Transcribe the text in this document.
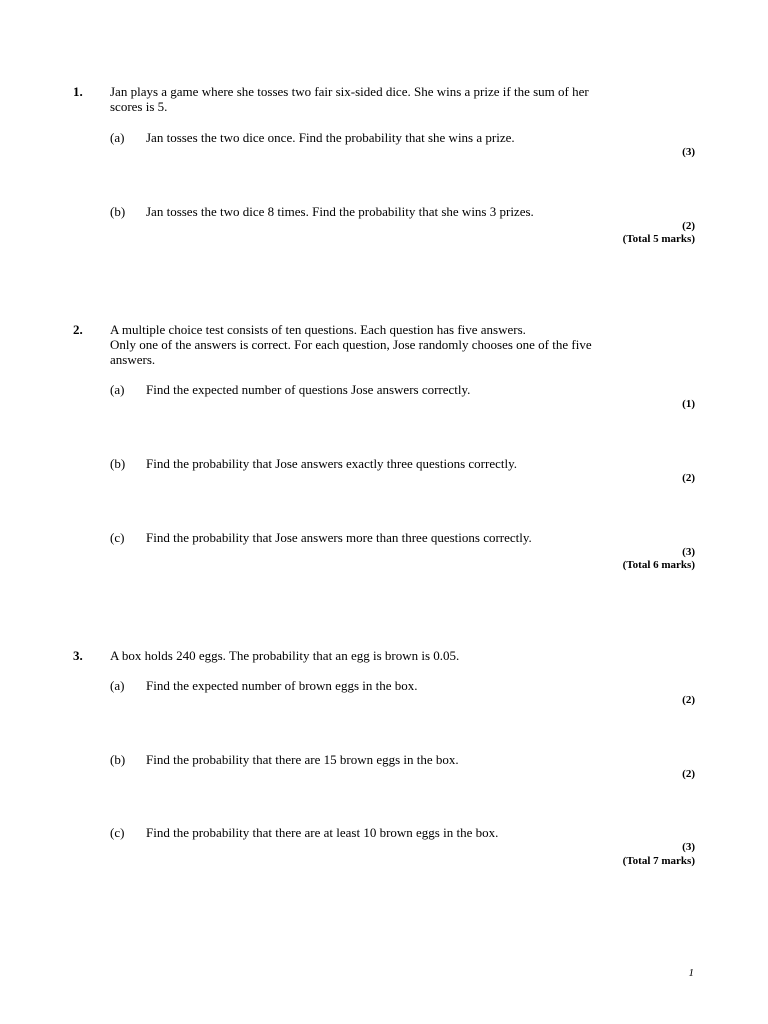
1. Jan plays a game where she tosses two fair six-sided dice. She wins a prize if the sum of her
scores is 5.
(a) Jan tosses the two dice once. Find the probability that she wins a prize.
(3)
(b) Jan tosses the two dice 8 times. Find the probability that she wins 3 prizes.
(2)
(Total 5 marks)
2. A multiple choice test consists of ten questions. Each question has five answers.
Only one of the answers is correct. For each question, Jose randomly chooses one of the five
answers.
(a) Find the expected number of questions Jose answers correctly.
(1)
(b) Find the probability that Jose answers exactly three questions correctly.
(2)
(c) Find the probability that Jose answers more than three questions correctly.
(3)
(Total 6 marks)
3. A box holds 240 eggs. The probability that an egg is brown is 0.05.
(a) Find the expected number of brown eggs in the box.
(2)
(b) Find the probability that there are 15 brown eggs in the box.
(2)
(c) Find the probability that there are at least 10 brown eggs in the box.
(3)
(Total 7 marks)
1
